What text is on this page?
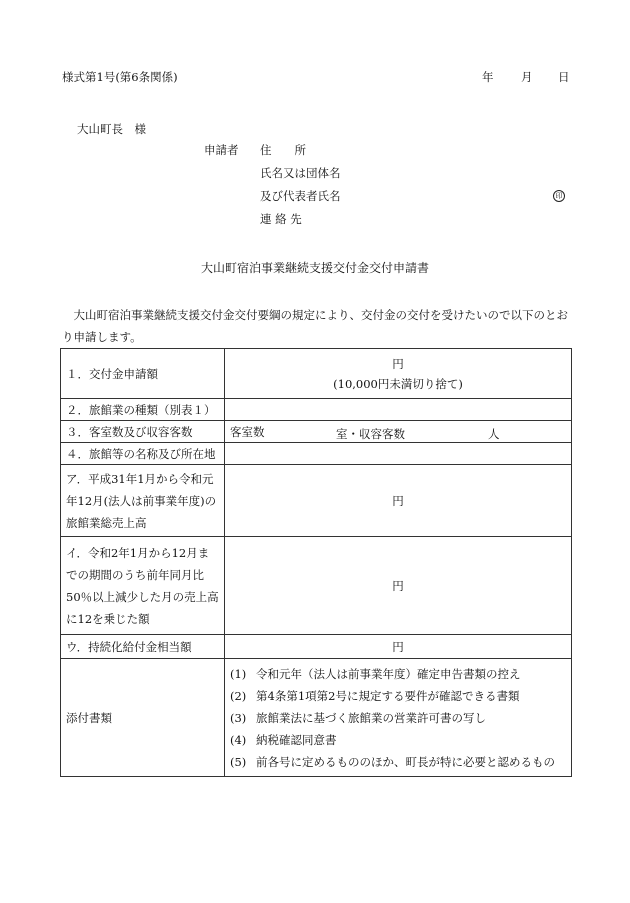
様式第1号(第6条関係)	年 月 日
大山町長　様
申請者 住　　所
氏名又は団体名
及び代表者氏名
連 絡 先
印
大山町宿泊事業継続支援交付金交付申請書
　大山町宿泊事業継続支援交付金交付要綱の規定により、交付金の交付を受けたいので以下のとおり申請します。
１．交付金申請額	円
(10,000円未満切り捨て)

２．旅館業の種類（別表１）	
３．客室数及び収容客数	客室数 室・収容客数 人

４．旅館等の名称及び所在地	
ア．平成31年1月から令和元年12月(法人は前事業年度)の旅館業総売上高	円
イ．令和2年1月から12月までの期間のうち前年同月比50％以上減少した月の売上高に12を乗じた額	円
ウ．持続化給付金相当額	円
添付書類	(1) 令和元年（法人は前事業年度）確定申告書類の控え
(2) 第4条第1項第2号に規定する要件が確認できる書類
(3) 旅館業法に基づく旅館業の営業許可書の写し
(4) 納税確認同意書
(5) 前各号に定めるもののほか、町長が特に必要と認めるもの
